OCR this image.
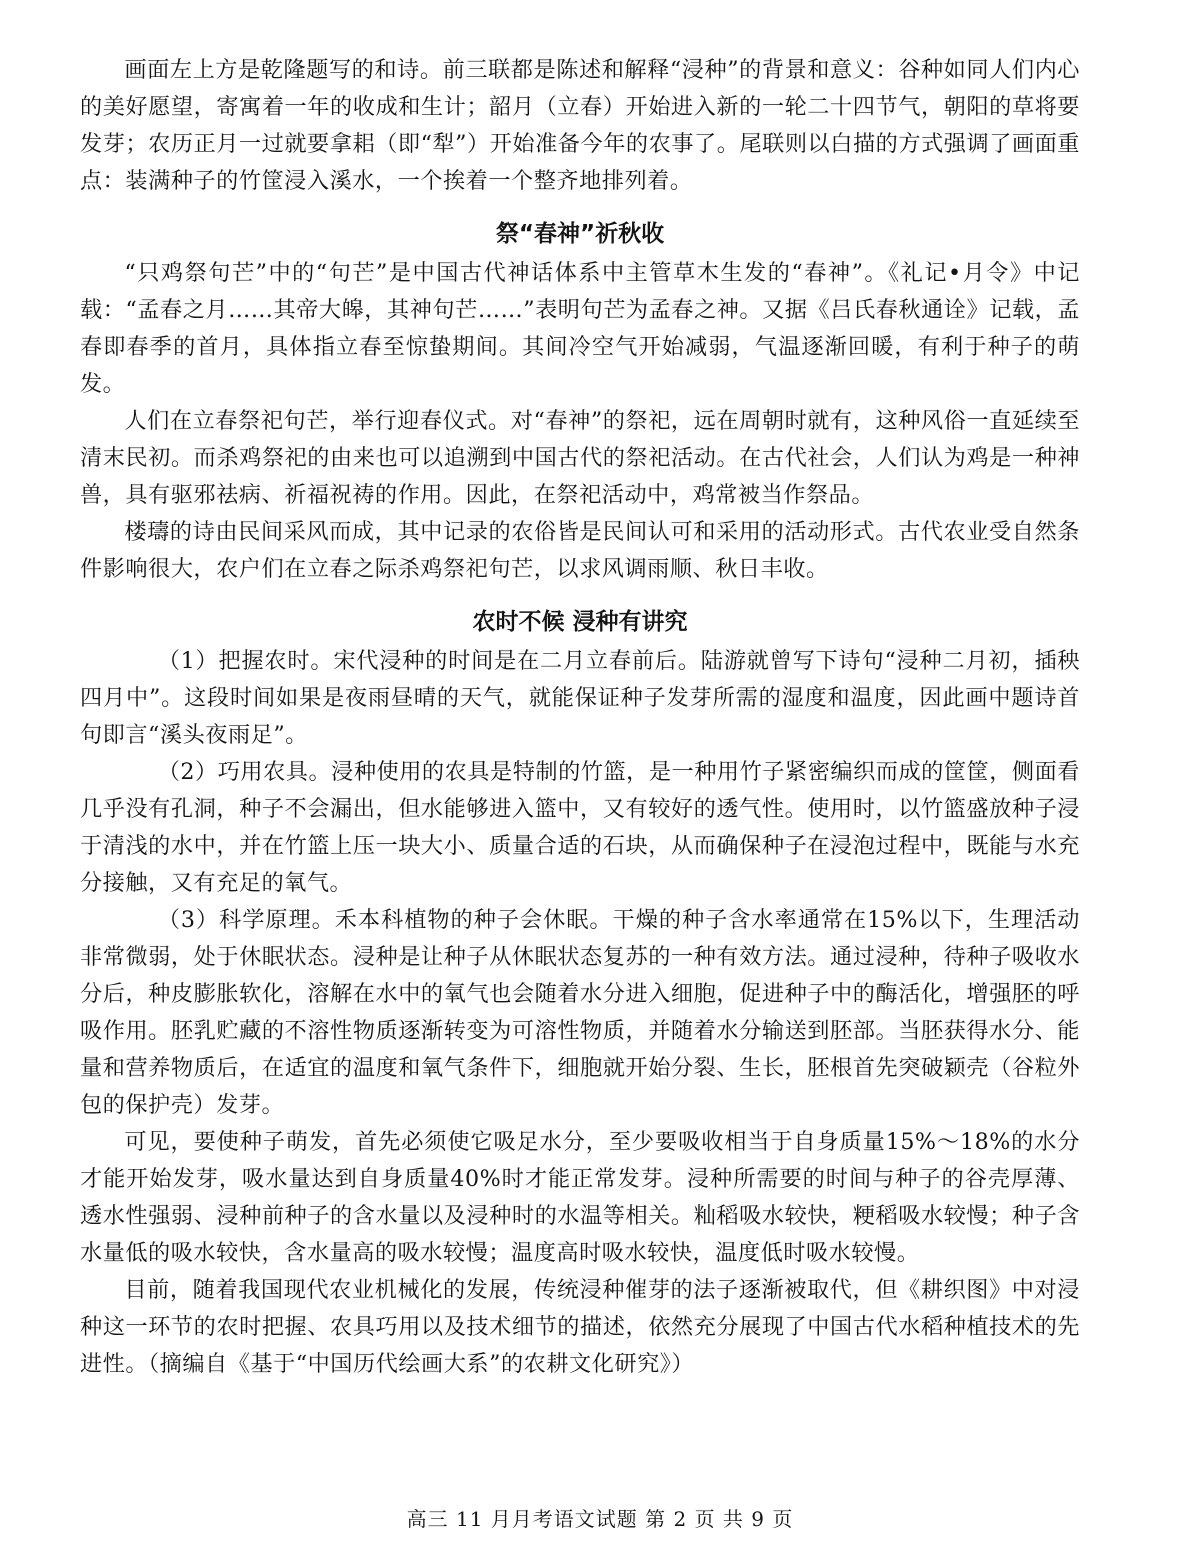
画面左上方是乾隆题写的和诗。前三联都是陈述和解释“浸种”的背景和意义：谷种如同人们内心的美好愿望，寄寓着一年的收成和生计；韶月（立春）开始进入新的一轮二十四节气，朝阳的草将要发芽；农历正月一过就要拿耜（即“犁”）开始准备今年的农事了。尾联则以白描的方式强调了画面重点：装满种子的竹筐浸入溪水，一个挨着一个整齐地排列着。

祭“春神”祈秋收

“只鸡祭句芒”中的“句芒”是中国古代神话体系中主管草木生发的“春神”。《礼记•月令》中记载：“孟春之月……其帝大皞，其神句芒……”表明句芒为孟春之神。又据《吕氏春秋通诠》记载，孟春即春季的首月，具体指立春至惊蛰期间。其间冷空气开始减弱，气温逐渐回暖，有利于种子的萌发。

人们在立春祭祀句芒，举行迎春仪式。对“春神”的祭祀，远在周朝时就有，这种风俗一直延续至清末民初。而杀鸡祭祀的由来也可以追溯到中国古代的祭祀活动。在古代社会，人们认为鸡是一种神兽，具有驱邪祛病、祈福祝祷的作用。因此，在祭祀活动中，鸡常被当作祭品。

楼璹的诗由民间采风而成，其中记录的农俗皆是民间认可和采用的活动形式。古代农业受自然条件影响很大，农户们在立春之际杀鸡祭祀句芒，以求风调雨顺、秋日丰收。

农时不候 浸种有讲究

（1）把握农时。宋代浸种的时间是在二月立春前后。陆游就曾写下诗句“浸种二月初，插秧四月中”。这段时间如果是夜雨昼晴的天气，就能保证种子发芽所需的湿度和温度，因此画中题诗首句即言“溪头夜雨足”。

（2）巧用农具。浸种使用的农具是特制的竹篮，是一种用竹子紧密编织而成的筐筐，侧面看几乎没有孔洞，种子不会漏出，但水能够进入篮中，又有较好的透气性。使用时，以竹篮盛放种子浸于清浅的水中，并在竹篮上压一块大小、质量合适的石块，从而确保种子在浸泡过程中，既能与水充分接触，又有充足的氧气。

（3）科学原理。禾本科植物的种子会休眠。干燥的种子含水率通常在15%以下，生理活动非常微弱，处于休眠状态。浸种是让种子从休眠状态复苏的一种有效方法。通过浸种，待种子吸收水分后，种皮膨胀软化，溶解在水中的氧气也会随着水分进入细胞，促进种子中的酶活化，增强胚的呼吸作用。胚乳贮藏的不溶性物质逐渐转变为可溶性物质，并随着水分输送到胚部。当胚获得水分、能量和营养物质后，在适宜的温度和氧气条件下，细胞就开始分裂、生长，胚根首先突破颖壳（谷粒外包的保护壳）发芽。

可见，要使种子萌发，首先必须使它吸足水分，至少要吸收相当于自身质量15%～18%的水分才能开始发芽，吸水量达到自身质量40%时才能正常发芽。浸种所需要的时间与种子的谷壳厚薄、透水性强弱、浸种前种子的含水量以及浸种时的水温等相关。籼稻吸水较快，粳稻吸水较慢；种子含水量低的吸水较快，含水量高的吸水较慢；温度高时吸水较快，温度低时吸水较慢。

目前，随着我国现代农业机械化的发展，传统浸种催芽的法子逐渐被取代，但《耕织图》中对浸种这一环节的农时把握、农具巧用以及技术细节的描述，依然充分展现了中国古代水稻种植技术的先进性。（摘编自《基于“中国历代绘画大系”的农耕文化研究》）

高三 11 月月考语文试题 第 2 页 共 9 页
